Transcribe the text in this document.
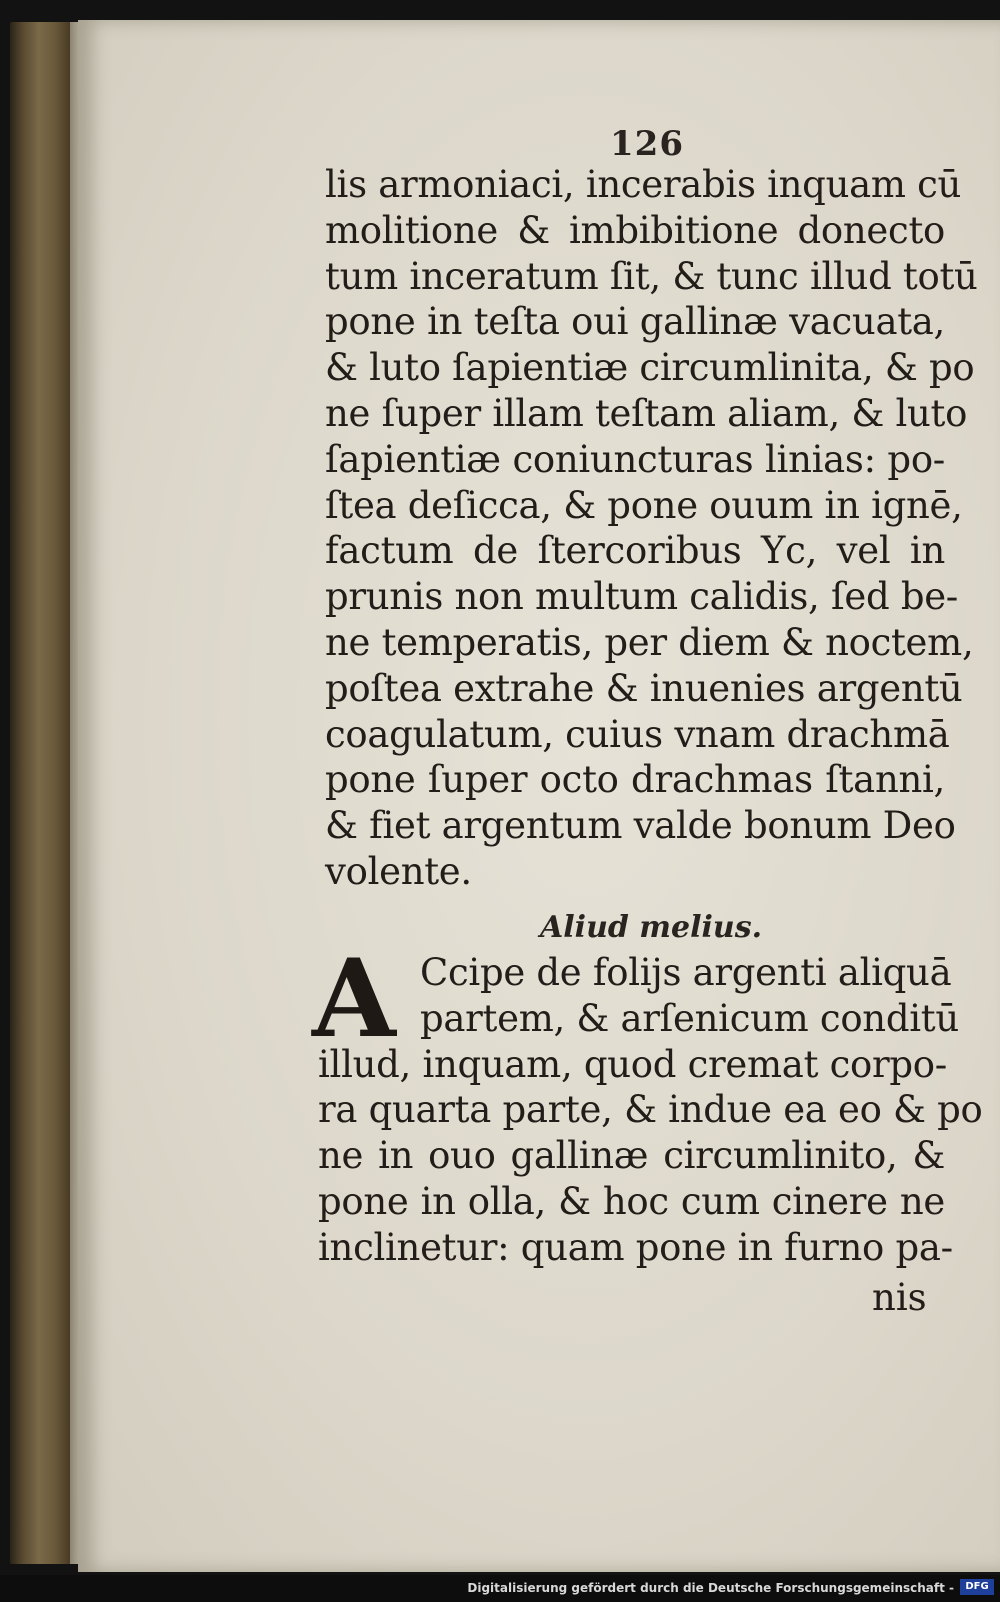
126
lis armoniaci, incerabis inquam cū
molitione & imbibitione donecto
tum inceratum ſit, & tunc illud totū
pone in teſta oui gallinæ vacuata,
& luto ſapientiæ circumlinita, & po
ne ſuper illam teſtam aliam, & luto
ſapientiæ coniuncturas linias: po-
ſtea deſicca, & pone ouum in ignē,
factum de ſtercoribus Yc, vel in
prunis non multum calidis, ſed be-
ne temperatis, per diem & noctem,
poſtea extrahe & inuenies argentū
coagulatum, cuius vnam drachmā
pone ſuper octo drachmas ſtanni,
& fiet argentum valde bonum Deo
volente.
Aliud melius.
A Ccipe de folijs argenti aliquā
partem, & arſenicum conditū
illud, inquam, quod cremat corpo-
ra quarta parte, & indue ea eo & po
ne in ouo gallinæ circumlinito, &
pone in olla, & hoc cum cinere ne
inclinetur: quam pone in furno pa-
nis
Digitalisierung gefördert durch die Deutsche Forschungsgemeinschaft -	DFG
